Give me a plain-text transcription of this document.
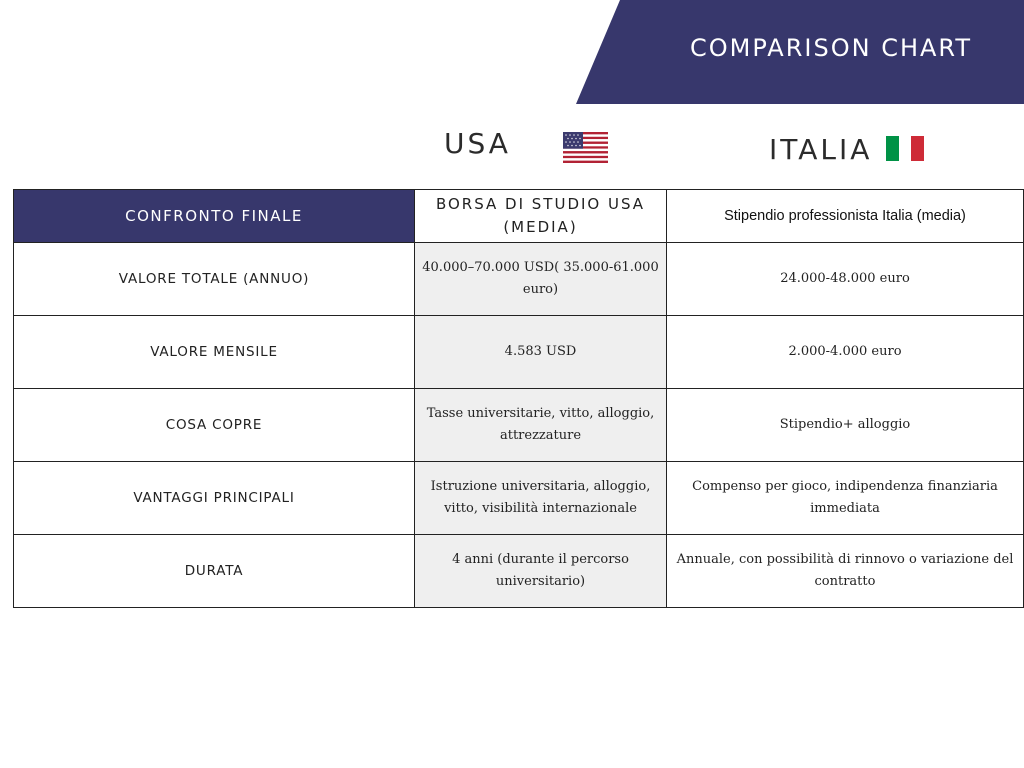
COMPARISON CHART
USA	ITALIA
CONFRONTO FINALE	BORSA DI STUDIO USA (MEDIA)	Stipendio professionista Italia (media)
VALORE TOTALE (ANNUO)	40.000–70.000 USD( 35.000-61.000 euro)	24.000-48.000 euro
VALORE MENSILE	4.583 USD	2.000-4.000 euro
COSA COPRE	Tasse universitarie, vitto, alloggio, attrezzature	Stipendio+ alloggio
VANTAGGI PRINCIPALI	Istruzione universitaria, alloggio, vitto, visibilità internazionale	Compenso per gioco, indipendenza finanziaria immediata
DURATA	4 anni (durante il percorso universitario)	Annuale, con possibilità di rinnovo o variazione del contratto
